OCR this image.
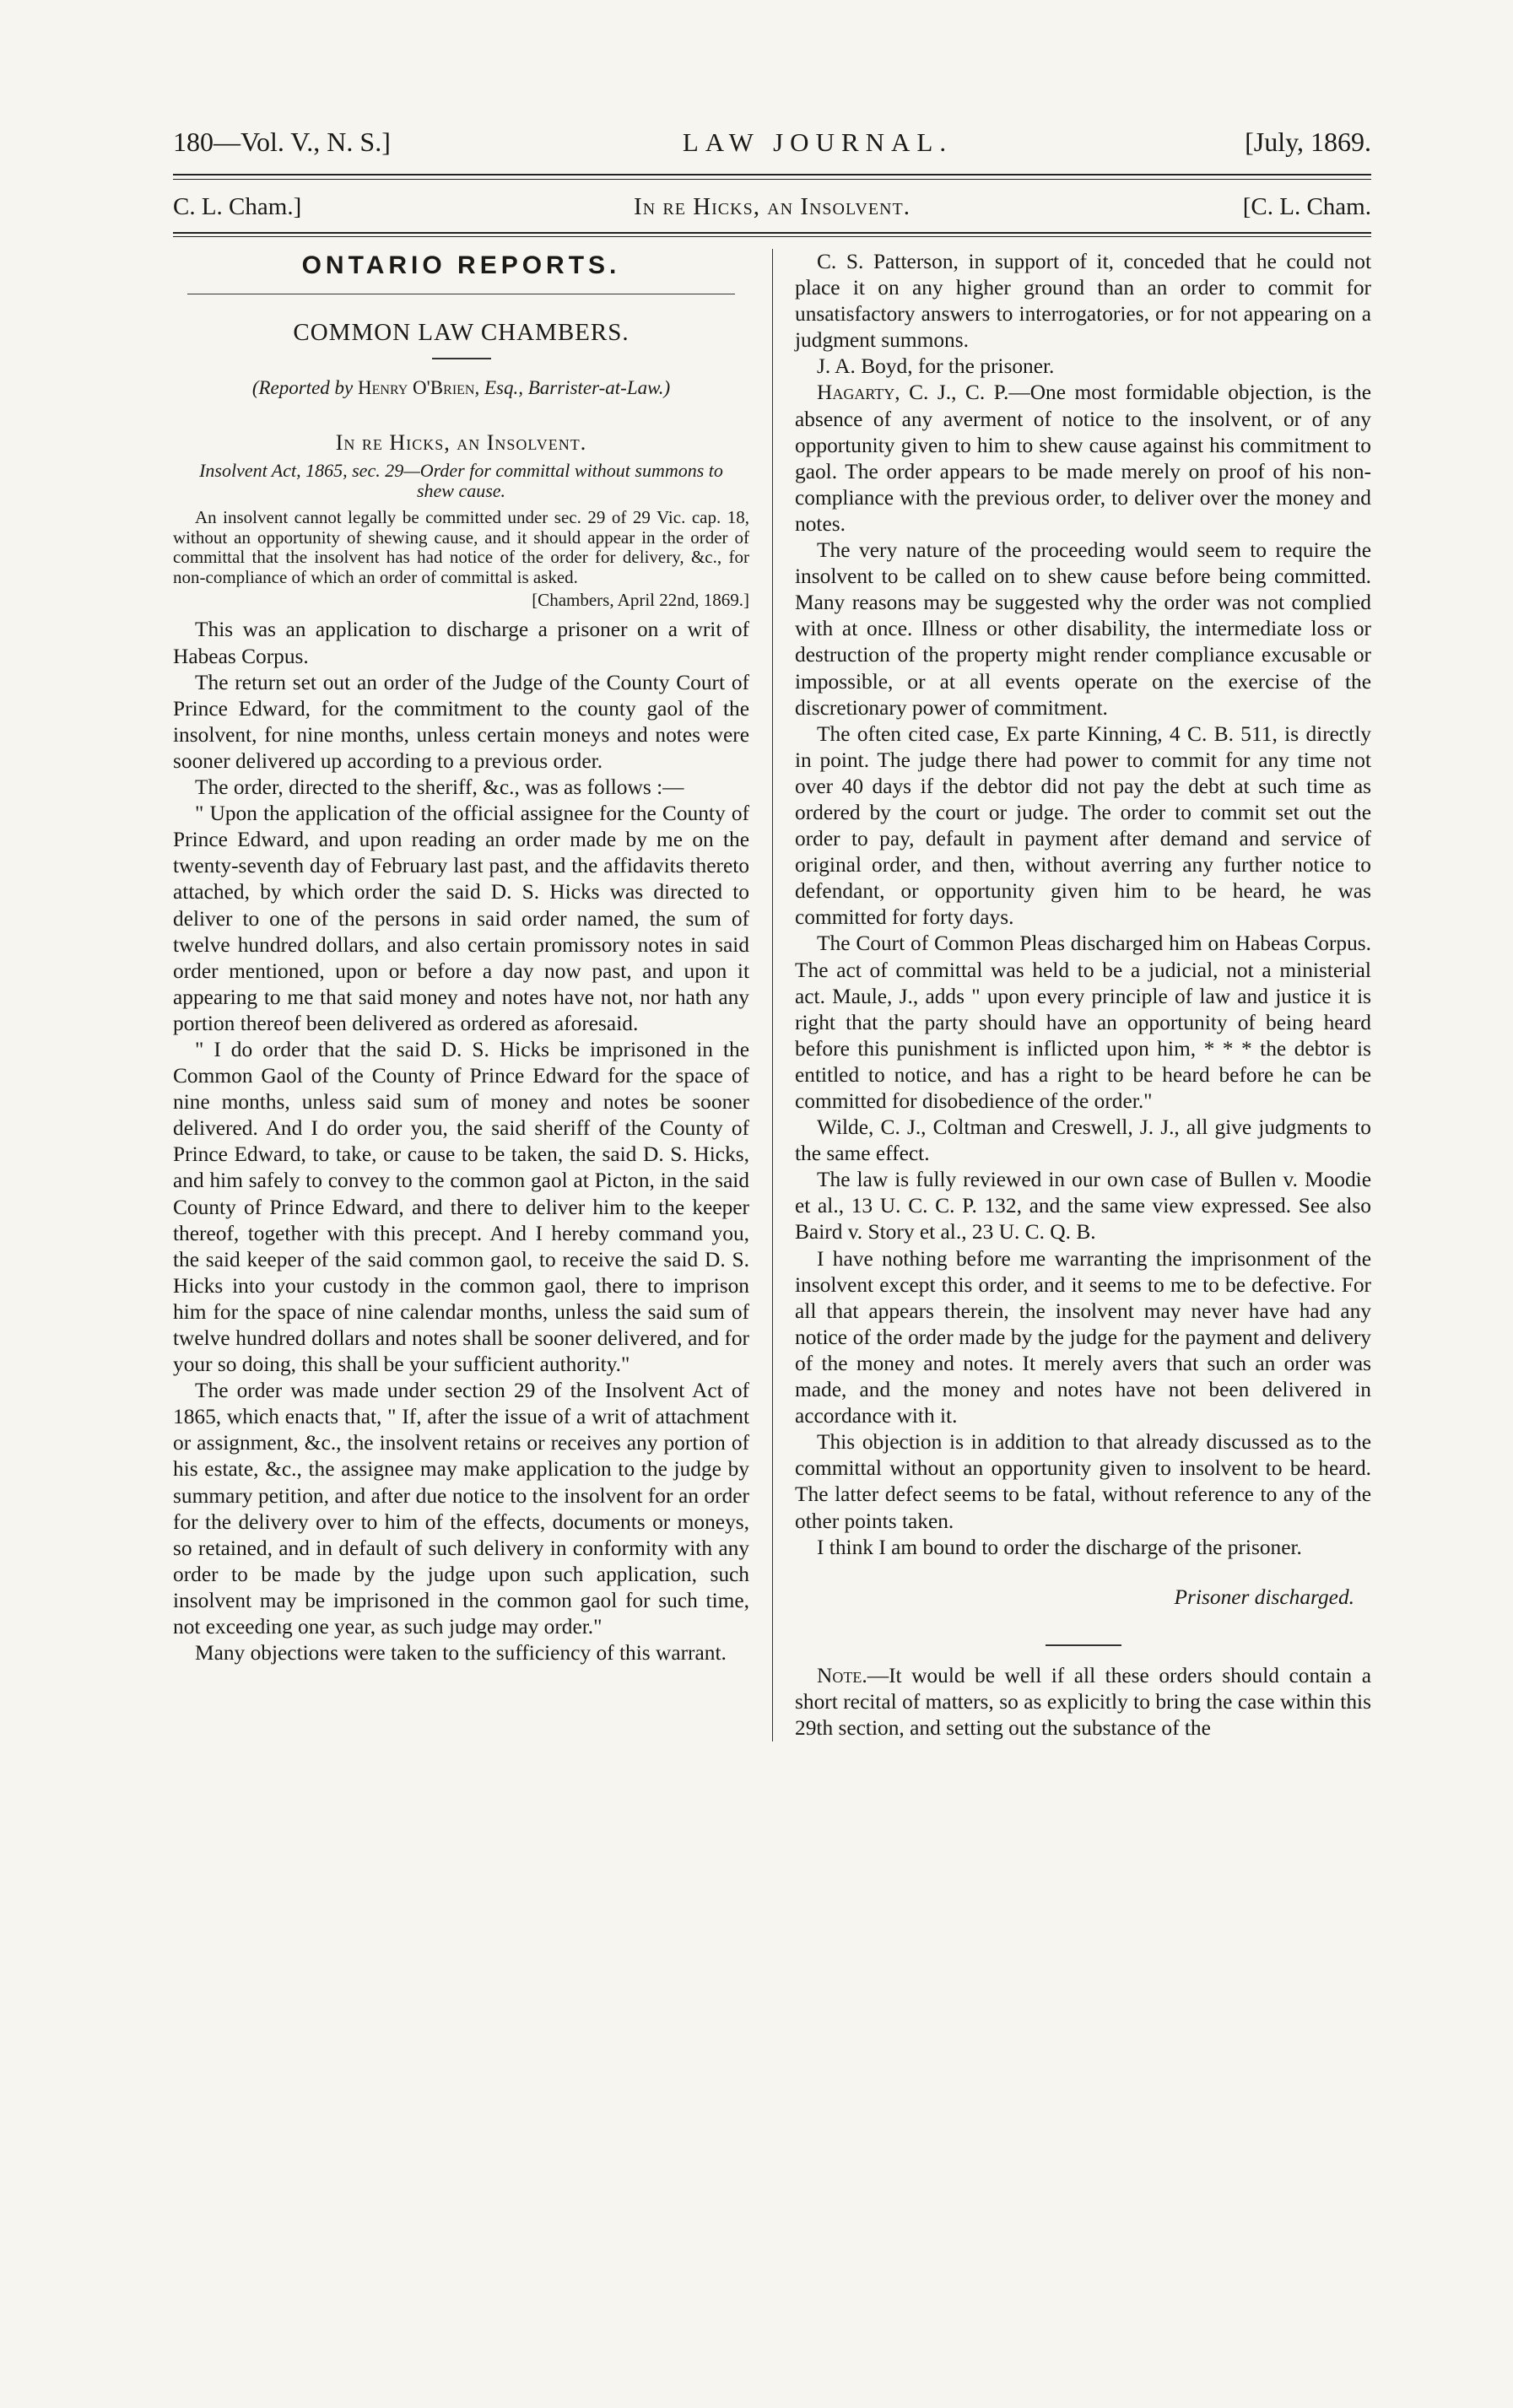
180—Vol. V., N. S.]	LAW JOURNAL.	[July, 1869.
C. L. Cham.]	In re Hicks, an Insolvent.	[C. L. Cham.
ONTARIO REPORTS.
COMMON LAW CHAMBERS.
(Reported by Henry O'Brien, Esq., Barrister-at-Law.)
In re Hicks, an Insolvent.
Insolvent Act, 1865, sec. 29—Order for committal without summons to shew cause.

An insolvent cannot legally be committed under sec. 29 of 29 Vic. cap. 18, without an opportunity of shewing cause, and it should appear in the order of committal that the insolvent has had notice of the order for delivery, &c., for non-compliance of which an order of committal is asked.

[Chambers, April 22nd, 1869.]

This was an application to discharge a prisoner on a writ of Habeas Corpus.

The return set out an order of the Judge of the County Court of Prince Edward, for the commitment to the county gaol of the insolvent, for nine months, unless certain moneys and notes were sooner delivered up according to a previous order.

The order, directed to the sheriff, &c., was as follows :—

" Upon the application of the official assignee for the County of Prince Edward, and upon reading an order made by me on the twenty-seventh day of February last past, and the affidavits thereto attached, by which order the said D. S. Hicks was directed to deliver to one of the persons in said order named, the sum of twelve hundred dollars, and also certain promissory notes in said order mentioned, upon or before a day now past, and upon it appearing to me that said money and notes have not, nor hath any portion thereof been delivered as ordered as aforesaid.

" I do order that the said D. S. Hicks be imprisoned in the Common Gaol of the County of Prince Edward for the space of nine months, unless said sum of money and notes be sooner delivered. And I do order you, the said sheriff of the County of Prince Edward, to take, or cause to be taken, the said D. S. Hicks, and him safely to convey to the common gaol at Picton, in the said County of Prince Edward, and there to deliver him to the keeper thereof, together with this precept. And I hereby command you, the said keeper of the said common gaol, to receive the said D. S. Hicks into your custody in the common gaol, there to imprison him for the space of nine calendar months, unless the said sum of twelve hundred dollars and notes shall be sooner delivered, and for your so doing, this shall be your sufficient authority."

The order was made under section 29 of the Insolvent Act of 1865, which enacts that, " If, after the issue of a writ of attachment or assignment, &c., the insolvent retains or receives any portion of his estate, &c., the assignee may make application to the judge by summary petition, and after due notice to the insolvent for an order for the delivery over to him of the effects, documents or moneys, so retained, and in default of such delivery in conformity with any order to be made by the judge upon such application, such insolvent may be imprisoned in the common gaol for such time, not exceeding one year, as such judge may order."

Many objections were taken to the sufficiency of this warrant.

C. S. Patterson, in support of it, conceded that he could not place it on any higher ground than an order to commit for unsatisfactory answers to interrogatories, or for not appearing on a judgment summons.

J. A. Boyd, for the prisoner.

Hagarty, C. J., C. P.—One most formidable objection, is the absence of any averment of notice to the insolvent, or of any opportunity given to him to shew cause against his commitment to gaol. The order appears to be made merely on proof of his non-compliance with the previous order, to deliver over the money and notes.

The very nature of the proceeding would seem to require the insolvent to be called on to shew cause before being committed. Many reasons may be suggested why the order was not complied with at once. Illness or other disability, the intermediate loss or destruction of the property might render compliance excusable or impossible, or at all events operate on the exercise of the discretionary power of commitment.

The often cited case, Ex parte Kinning, 4 C. B. 511, is directly in point. The judge there had power to commit for any time not over 40 days if the debtor did not pay the debt at such time as ordered by the court or judge. The order to commit set out the order to pay, default in payment after demand and service of original order, and then, without averring any further notice to defendant, or opportunity given him to be heard, he was committed for forty days.

The Court of Common Pleas discharged him on Habeas Corpus. The act of committal was held to be a judicial, not a ministerial act. Maule, J., adds " upon every principle of law and justice it is right that the party should have an opportunity of being heard before this punishment is inflicted upon him, * * * the debtor is entitled to notice, and has a right to be heard before he can be committed for disobedience of the order."

Wilde, C. J., Coltman and Creswell, J. J., all give judgments to the same effect.

The law is fully reviewed in our own case of Bullen v. Moodie et al., 13 U. C. C. P. 132, and the same view expressed. See also Baird v. Story et al., 23 U. C. Q. B.

I have nothing before me warranting the imprisonment of the insolvent except this order, and it seems to me to be defective. For all that appears therein, the insolvent may never have had any notice of the order made by the judge for the payment and delivery of the money and notes. It merely avers that such an order was made, and the money and notes have not been delivered in accordance with it.

This objection is in addition to that already discussed as to the committal without an opportunity given to insolvent to be heard. The latter defect seems to be fatal, without reference to any of the other points taken.

I think I am bound to order the discharge of the prisoner.

Prisoner discharged.

Note.—It would be well if all these orders should contain a short recital of matters, so as explicitly to bring the case within this 29th section, and setting out the substance of the
